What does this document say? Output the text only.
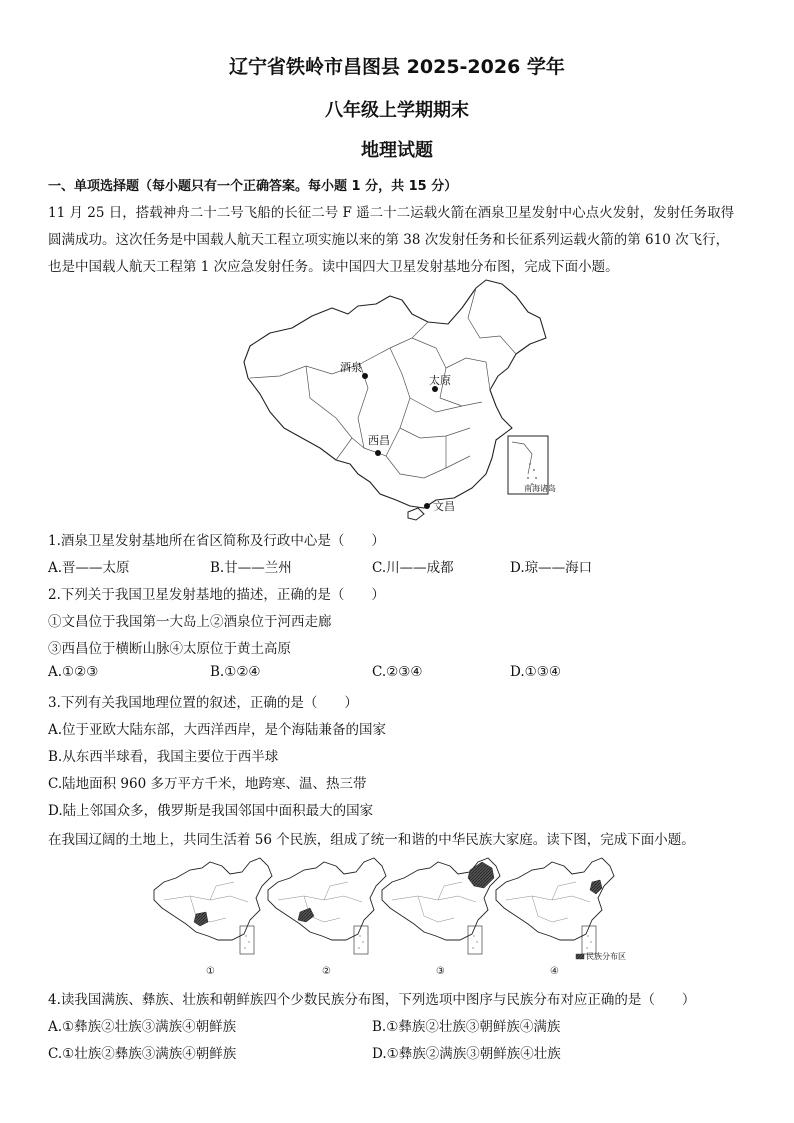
辽宁省铁岭市昌图县 2025-2026 学年
八年级上学期期末
地理试题
一、单项选择题（每小题只有一个正确答案。每小题 1 分，共 15 分）
11 月 25 日，搭载神舟二十二号飞船的长征二号 F 遥二十二运载火箭在酒泉卫星发射中心点火发射，发射任务取得
圆满成功。这次任务是中国载人航天工程立项实施以来的第 38 次发射任务和长征系列运载火箭的第 610 次飞行，
也是中国载人航天工程第 1 次应急发射任务。读中国四大卫星发射基地分布图，完成下面小题。
南海诸岛
酒泉
太原
西昌
文昌
1.酒泉卫星发射基地所在省区简称及行政中心是（　　）
A.晋——太原	B.甘——兰州	C.川——成都	D.琼——海口
2.下列关于我国卫星发射基地的描述，正确的是（　　）
①文昌位于我国第一大岛上②酒泉位于河西走廊
③西昌位于横断山脉④太原位于黄土高原
A.①②③	B.①②④	C.②③④	D.①③④
3.下列有关我国地理位置的叙述，正确的是（　　）
A.位于亚欧大陆东部，大西洋西岸，是个海陆兼备的国家
B.从东西半球看，我国主要位于西半球
C.陆地面积 960 多万平方千米，地跨寒、温、热三带
D.陆上邻国众多，俄罗斯是我国邻国中面积最大的国家
在我国辽阔的土地上，共同生活着 56 个民族，组成了统一和谐的中华民族大家庭。读下图，完成下面小题。
①	②	③	④
民族分布区
4.读我国满族、彝族、壮族和朝鲜族四个少数民族分布图，下列选项中图序与民族分布对应正确的是（　　）
A.①彝族②壮族③满族④朝鲜族	B.①彝族②壮族③朝鲜族④满族
C.①壮族②彝族③满族④朝鲜族	D.①彝族②满族③朝鲜族④壮族
